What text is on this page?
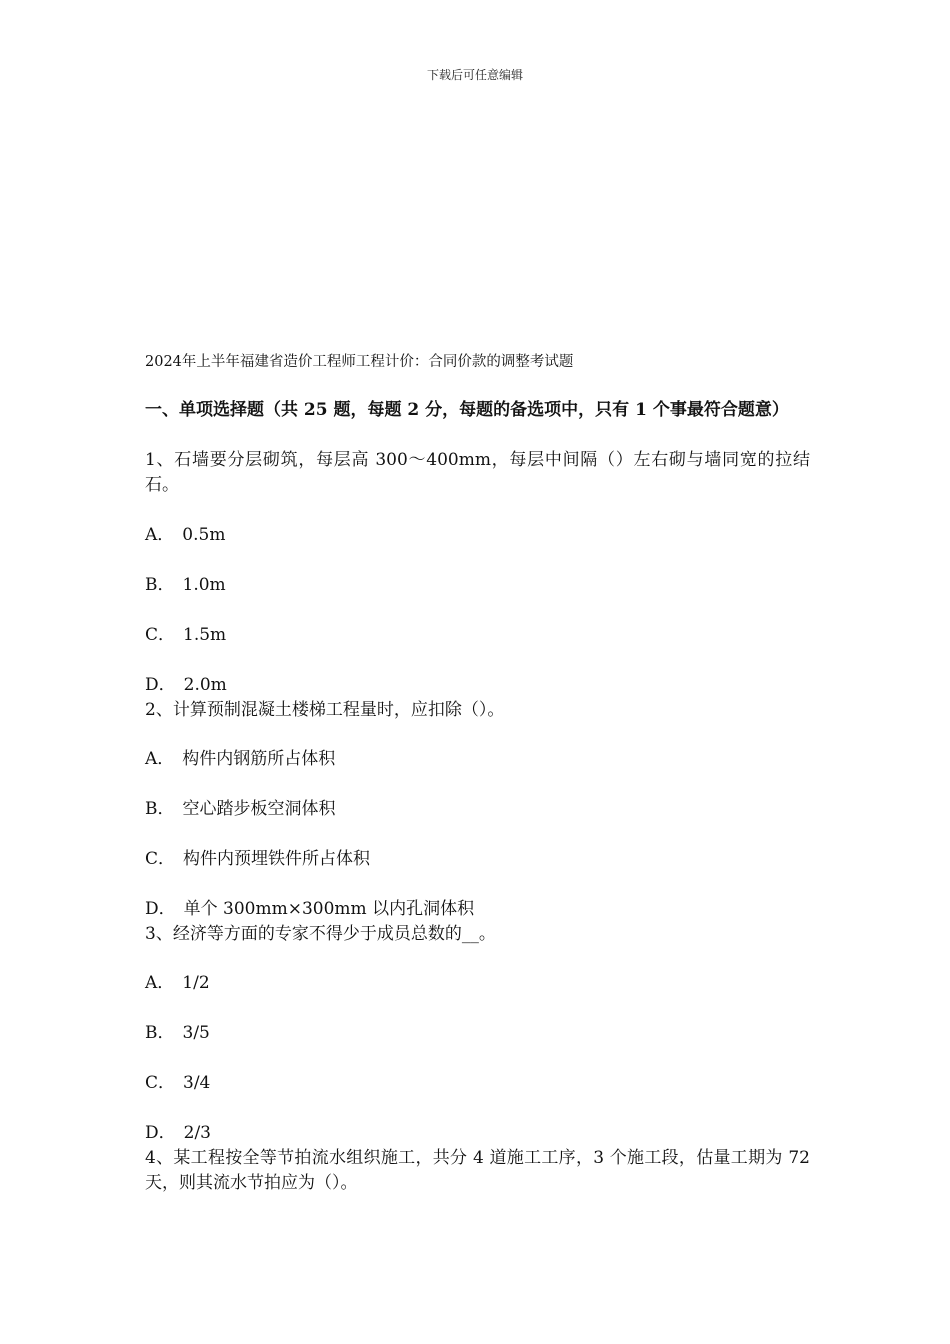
下载后可任意编辑
2024年上半年福建省造价工程师工程计价：合同价款的调整考试题
一、单项选择题（共 25 题，每题 2 分，每题的备选项中，只有 1 个事最符合题意）
1、石墙要分层砌筑，每层高 300～400mm，每层中间隔（）左右砌与墙同宽的拉结石。
A． 0.5m
B． 1.0m
C． 1.5m
D． 2.0m
2、计算预制混凝土楼梯工程量时，应扣除（）。
A． 构件内钢筋所占体积
B． 空心踏步板空洞体积
C． 构件内预埋铁件所占体积
D． 单个 300mm×300mm 以内孔洞体积
3、经济等方面的专家不得少于成员总数的__。
A． 1/2
B． 3/5
C． 3/4
D． 2/3
4、某工程按全等节拍流水组织施工，共分 4 道施工工序，3 个施工段，估量工期为 72 天，则其流水节拍应为（）。
